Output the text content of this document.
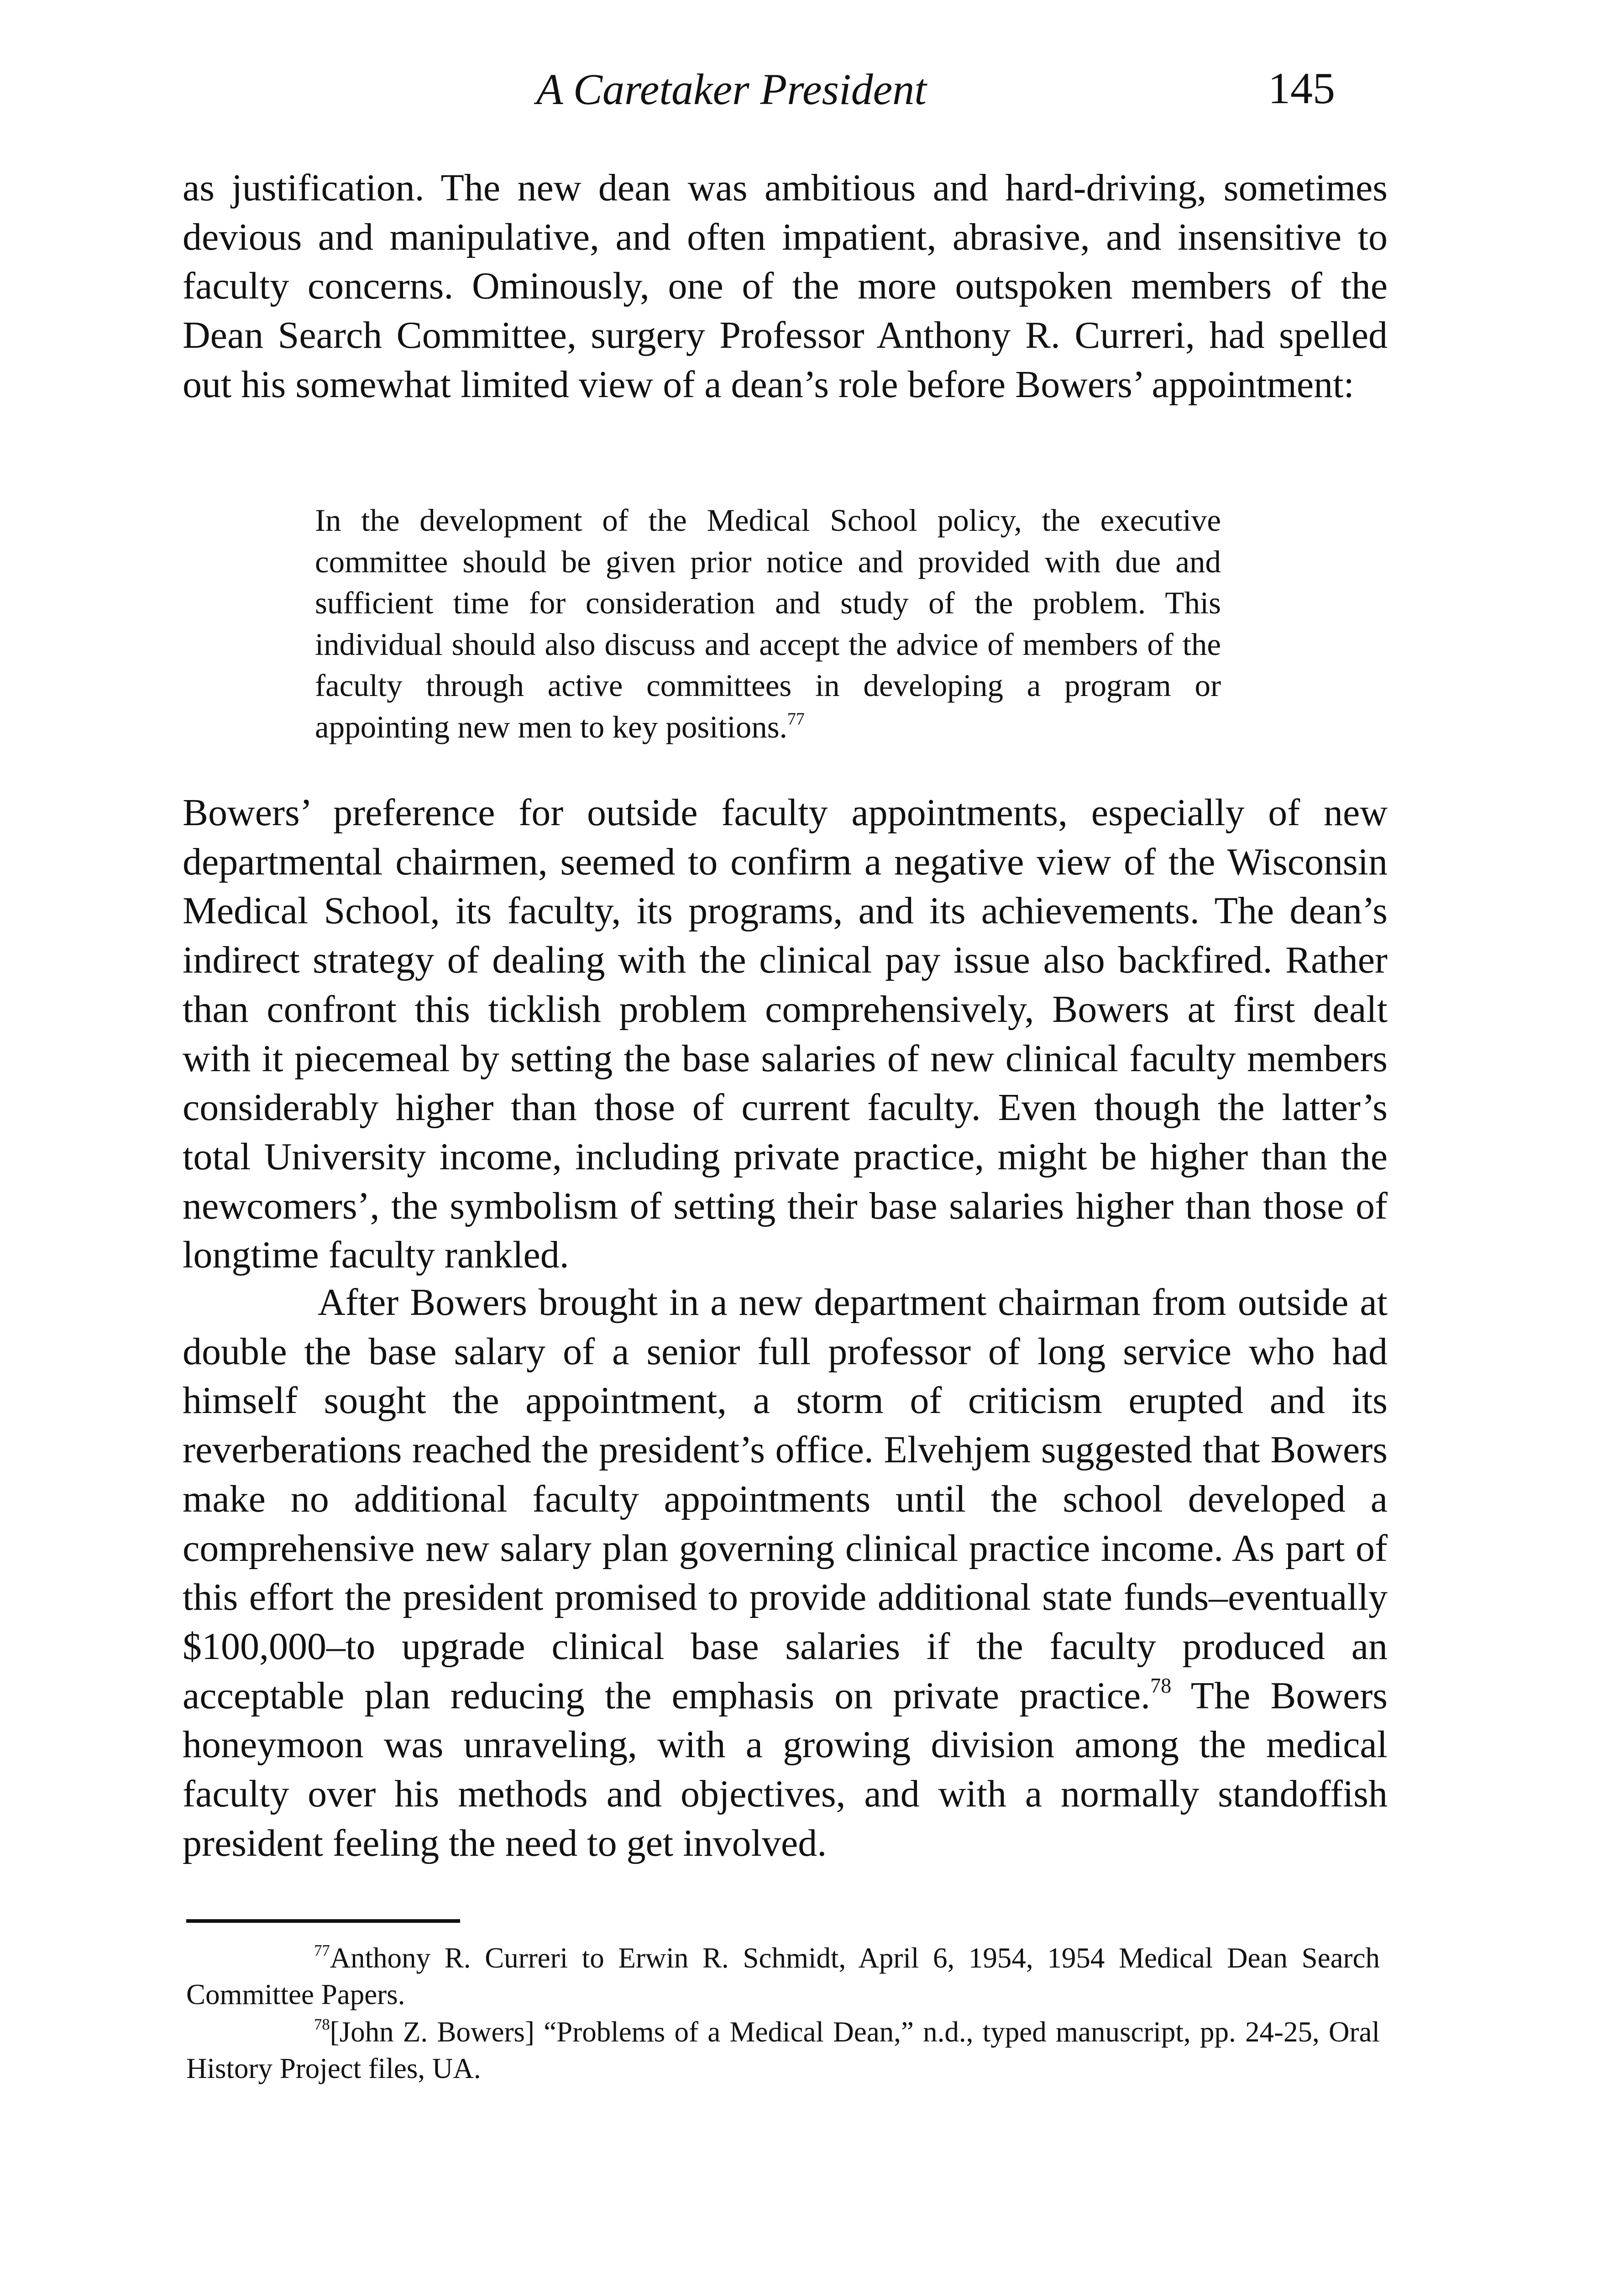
A Caretaker President	145

as justification. The new dean was ambitious and hard-driving, sometimes devious and manipulative, and often impatient, abrasive, and insensitive to faculty concerns. Ominously, one of the more outspoken members of the Dean Search Committee, surgery Professor Anthony R. Curreri, had spelled out his somewhat limited view of a dean’s role before Bowers’ appointment:

In the development of the Medical School policy, the executive committee should be given prior notice and provided with due and sufficient time for consideration and study of the problem. This individual should also discuss and accept the advice of members of the faculty through active committees in developing a program or appointing new men to key positions.$^{77}$

Bowers’ preference for outside faculty appointments, especially of new departmental chairmen, seemed to confirm a negative view of the Wisconsin Medical School, its faculty, its programs, and its achievements. The dean’s indirect strategy of dealing with the clinical pay issue also backfired. Rather than confront this ticklish problem comprehensively, Bowers at first dealt with it piecemeal by setting the base salaries of new clinical faculty members considerably higher than those of current faculty. Even though the latter’s total University income, including private practice, might be higher than the newcomers’, the symbolism of setting their base salaries higher than those of longtime faculty rankled.

After Bowers brought in a new department chairman from outside at double the base salary of a senior full professor of long service who had himself sought the appointment, a storm of criticism erupted and its reverberations reached the president’s office. Elvehjem suggested that Bowers make no additional faculty appointments until the school developed a comprehensive new salary plan governing clinical practice income. As part of this effort the president promised to provide additional state funds–eventually $100,000–to upgrade clinical base salaries if the faculty produced an acceptable plan reducing the emphasis on private practice.$^{78}$ The Bowers honeymoon was unraveling, with a growing division among the medical faculty over his methods and objectives, and with a normally standoffish president feeling the need to get involved.

$^{77}$Anthony R. Curreri to Erwin R. Schmidt, April 6, 1954, 1954 Medical Dean Search Committee Papers.

$^{78}$[John Z. Bowers] “Problems of a Medical Dean,” n.d., typed manuscript, pp. 24-25, Oral History Project files, UA.
